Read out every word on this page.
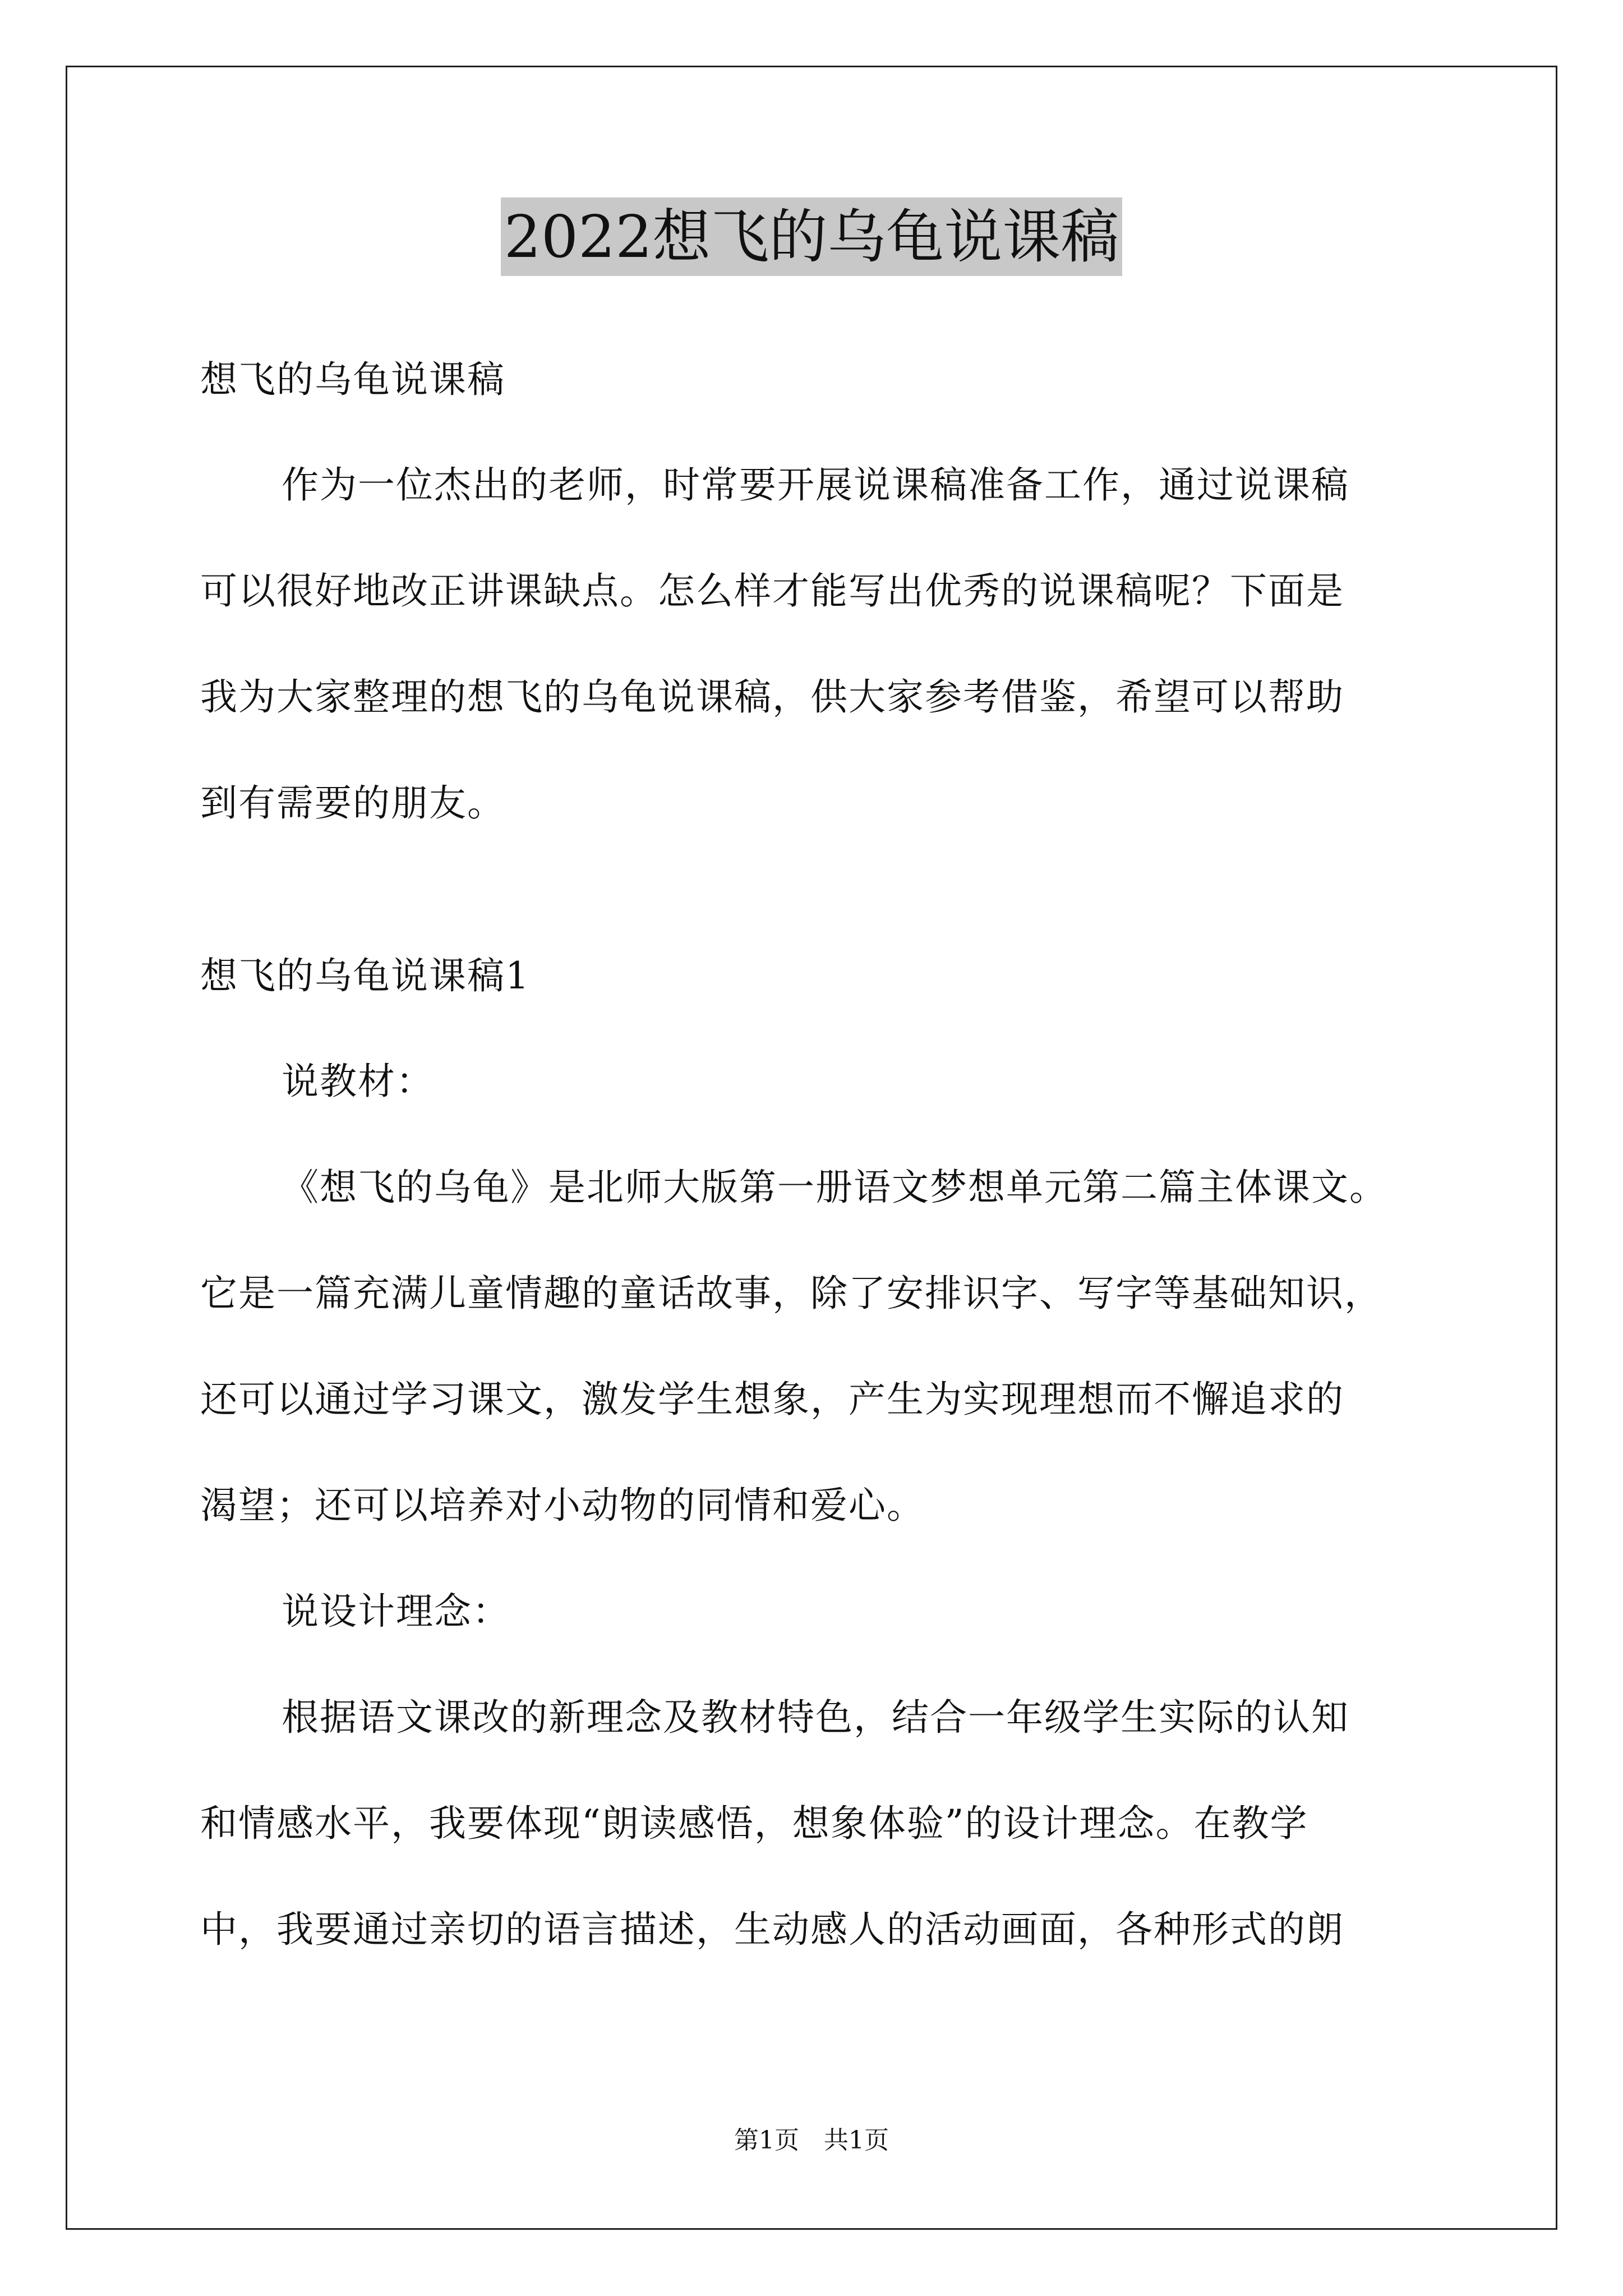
2022想飞的乌龟说课稿

想飞的乌龟说课稿

作为一位杰出的老师，时常要开展说课稿准备工作，通过说课稿

可以很好地改正讲课缺点。怎么样才能写出优秀的说课稿呢？下面是

我为大家整理的想飞的乌龟说课稿，供大家参考借鉴，希望可以帮助

到有需要的朋友。

想飞的乌龟说课稿1

说教材：

《想飞的乌龟》是北师大版第一册语文梦想单元第二篇主体课文。

它是一篇充满儿童情趣的童话故事，除了安排识字、写字等基础知识，

还可以通过学习课文，激发学生想象，产生为实现理想而不懈追求的

渴望；还可以培养对小动物的同情和爱心。

说设计理念：

根据语文课改的新理念及教材特色，结合一年级学生实际的认知

和情感水平，我要体现“朗读感悟，想象体验”的设计理念。在教学

中，我要通过亲切的语言描述，生动感人的活动画面，各种形式的朗

第1页　共1页
